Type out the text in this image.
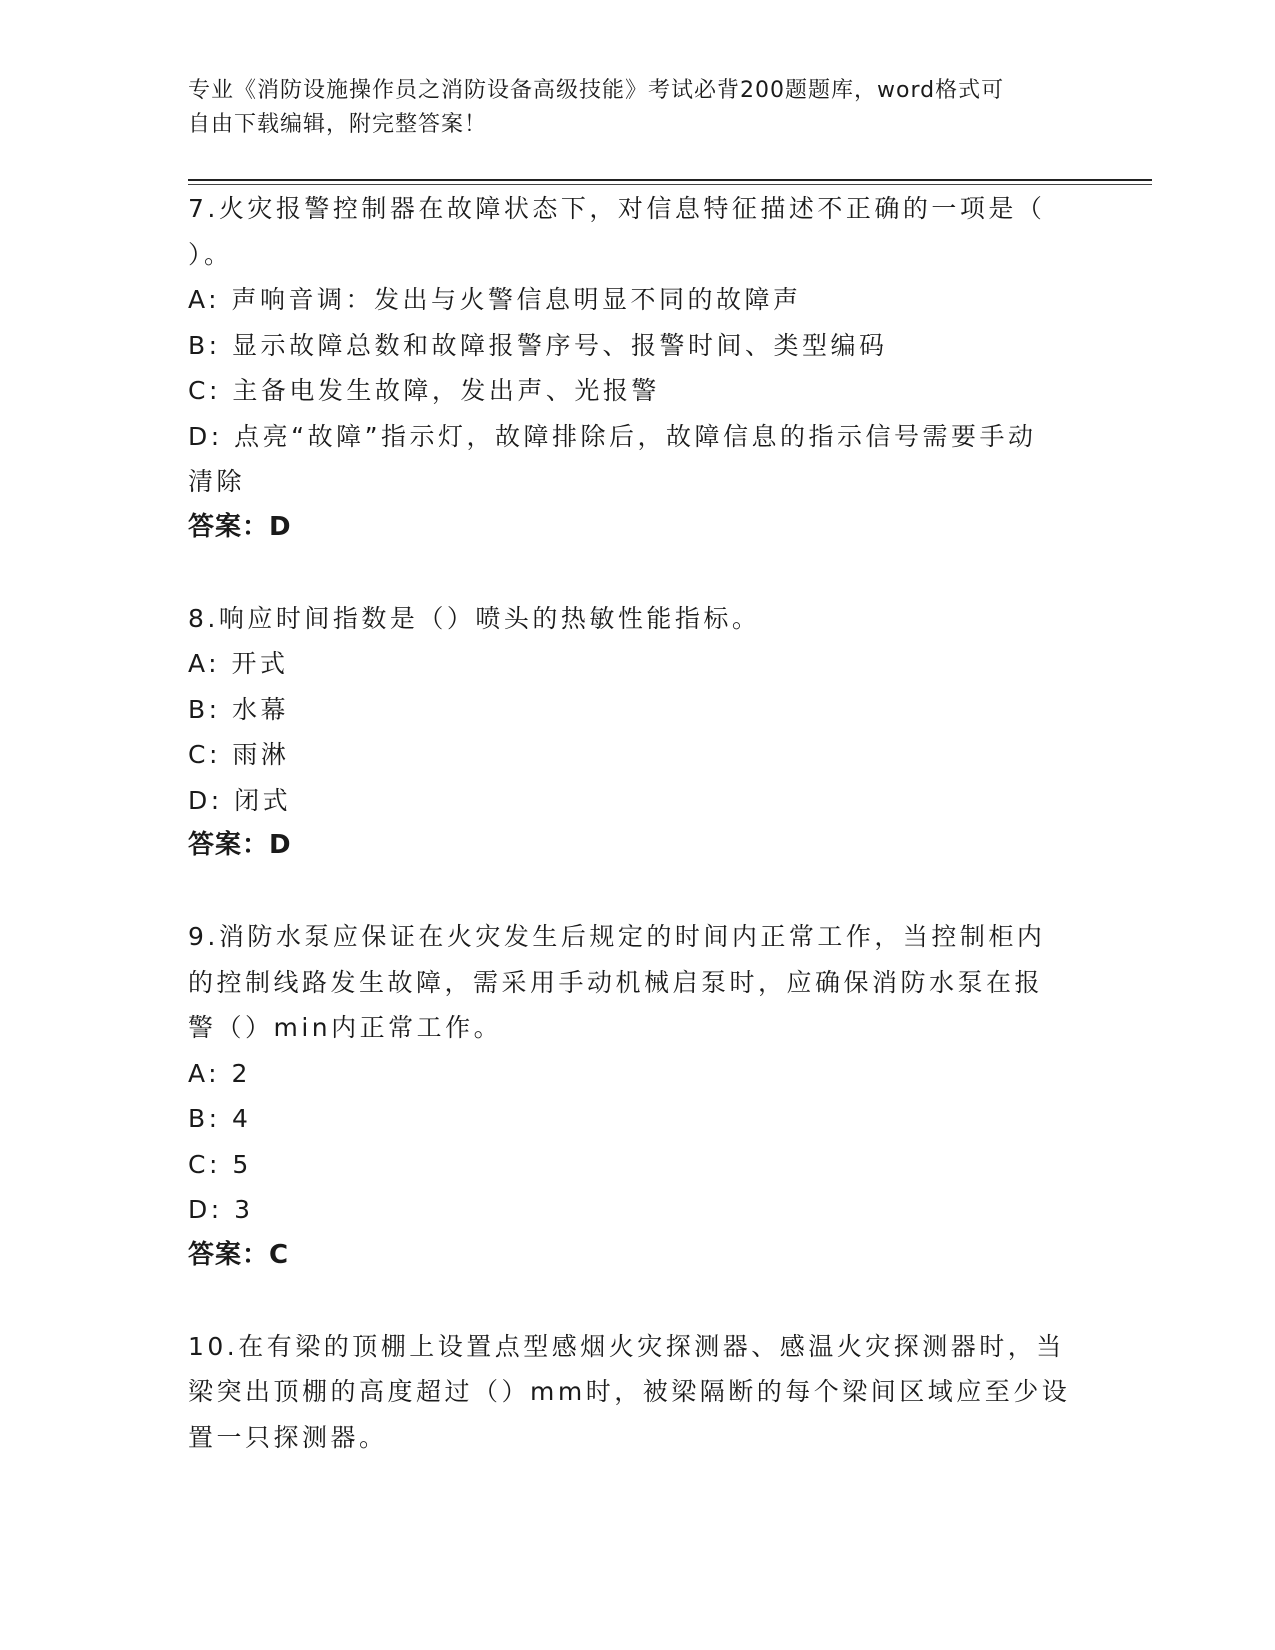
专业《消防设施操作员之消防设备高级技能》考试必背200题题库，word格式可
自由下载编辑，附完整答案！
7.火灾报警控制器在故障状态下，对信息特征描述不正确的一项是（
）。
A: 声响音调：发出与火警信息明显不同的故障声
B: 显示故障总数和故障报警序号、报警时间、类型编码
C: 主备电发生故障，发出声、光报警
D: 点亮“故障”指示灯，故障排除后，故障信息的指示信号需要手动
清除
答案：D
8.响应时间指数是（）喷头的热敏性能指标。
A: 开式
B: 水幕
C: 雨淋
D: 闭式
答案：D
9.消防水泵应保证在火灾发生后规定的时间内正常工作，当控制柜内
的控制线路发生故障，需采用手动机械启泵时，应确保消防水泵在报
警（）min内正常工作。
A: 2
B: 4
C: 5
D: 3
答案：C
10.在有梁的顶棚上设置点型感烟火灾探测器、感温火灾探测器时，当
梁突出顶棚的高度超过（）mm时，被梁隔断的每个梁间区域应至少设
置一只探测器。
